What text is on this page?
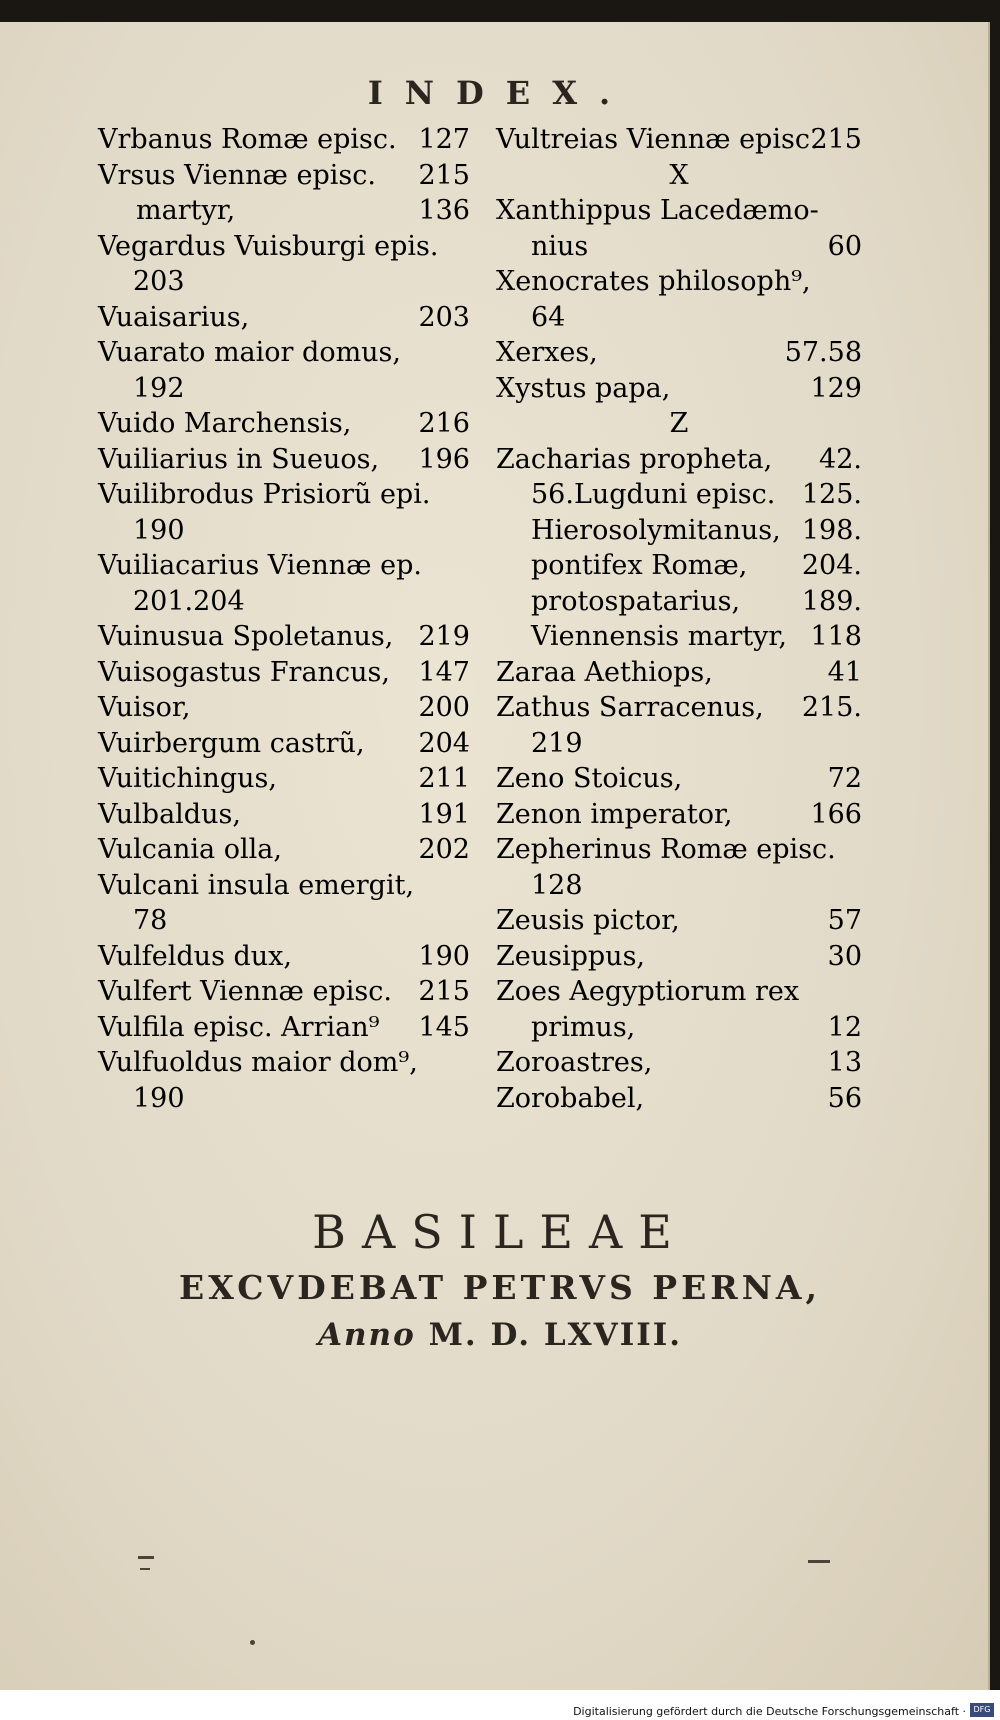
INDEX.
Vrbanus Romæ episc. 127
Vrsus Viennæ episc. 215
martyr,	136
Vegardus Vuisburgi epis.
203
Vuaisarius,	203
Vuarato maior domus,
192
Vuido Marchensis, 216
Vuiliarius in Sueuos, 196
Vuilibrodus Prisiorũ epi.
190
Vuiliacarius Viennæ ep.
201.204
Vuinusua Spoletanus, 219
Vuisogastus Francus, 147
Vuisor,	200
Vuirbergum castrũ, 204
Vuitichingus,	211
Vulbaldus,	191
Vulcania olla,	202
Vulcani insula emergit,
78
Vulfeldus dux,	190
Vulfert Viennæ episc. 215
Vulfila episc. Arrian⁹ 145
Vulfuoldus maior dom⁹,
190
Vultreias Viennæ episc.
215
X
Xanthippus Lacedæmo-
nius	60
Xenocrates philosoph⁹,
64
Xerxes,	57.58
Xystus papa,	129
Z
Zacharias propheta, 42.
56.Lugduni episc. 125.
Hierosolymitanus, 198.
pontifex Romæ, 204.
protospatarius, 189.
Viennensis martyr, 118
Zaraa Aethiops,	41
Zathus Sarracenus, 215.
219
Zeno Stoicus,	72
Zenon imperator,	166
Zepherinus Romæ episc.
128
Zeusis pictor,	57
Zeusippus,	30
Zoes Aegyptiorum rex
primus,	12
Zoroastres,	13
Zorobabel,	56
BASILEAE
EXCVDEBAT PETRVS PERNA,
Anno M. D. LXVIII.
Digitalisierung gefördert durch die Deutsche Forschungsgemeinschaft · DFG
